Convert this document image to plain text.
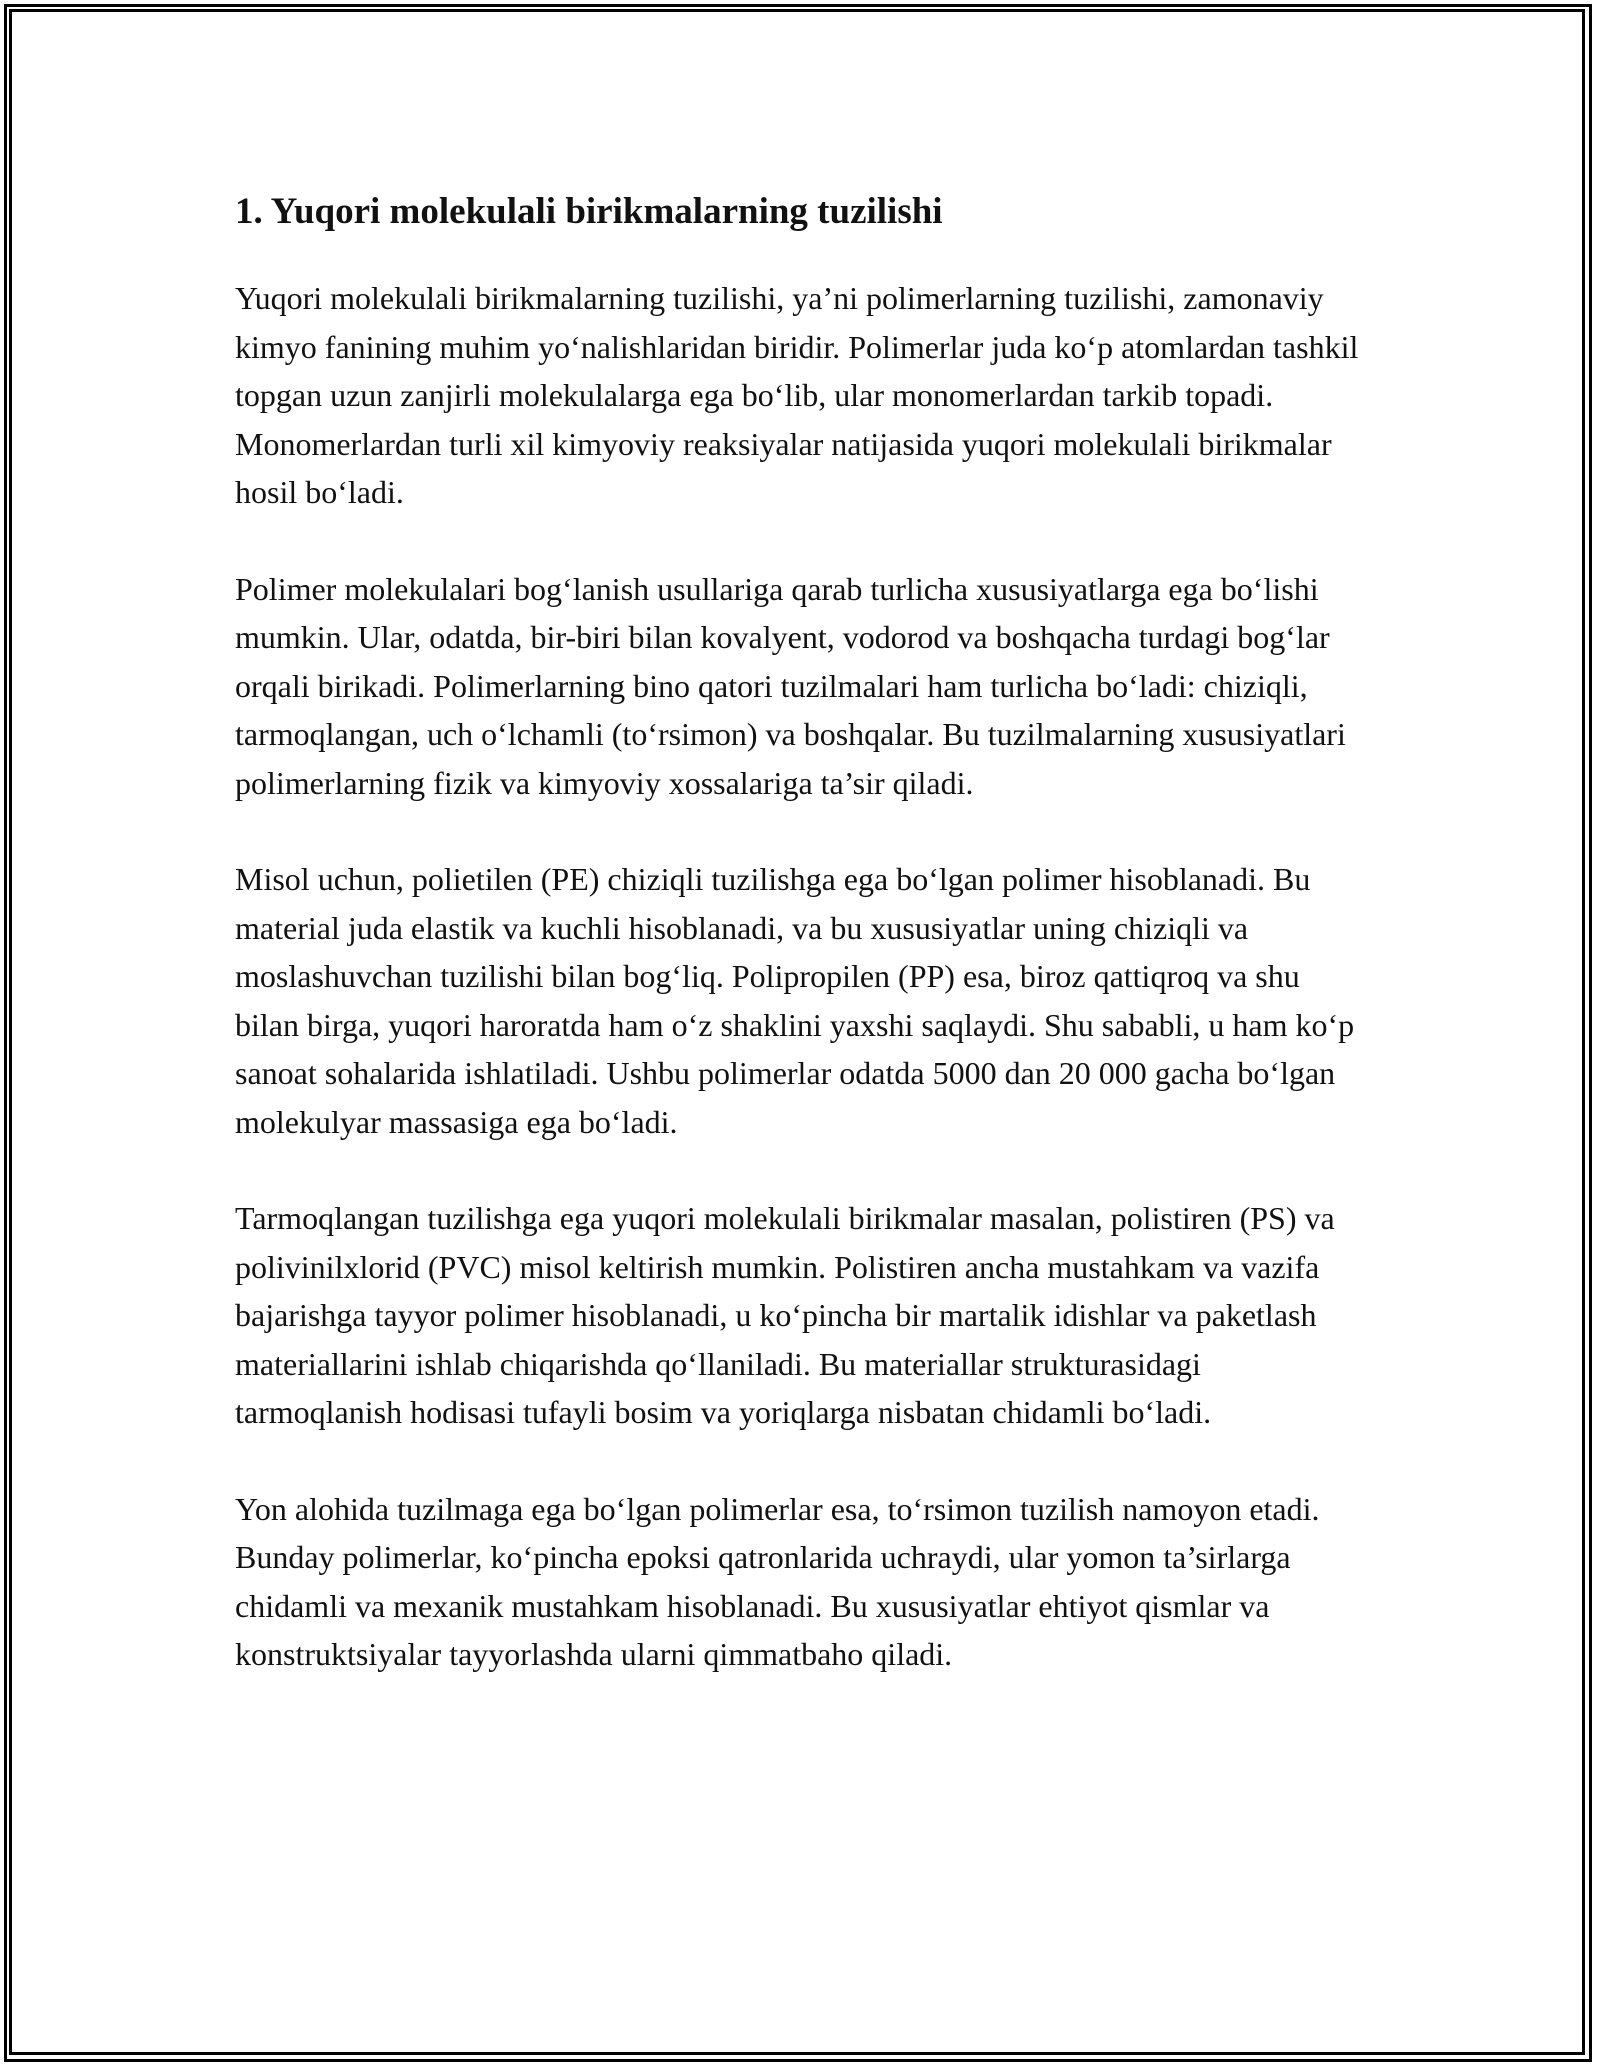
1. Yuqori molekulali birikmalarning tuzilishi

Yuqori molekulali birikmalarning tuzilishi, ya’ni polimerlarning tuzilishi, zamonaviy kimyo fanining muhim yo‘nalishlaridan biridir. Polimerlar juda ko‘p atomlardan tashkil topgan uzun zanjirli molekulalarga ega bo‘lib, ular monomerlardan tarkib topadi. Monomerlardan turli xil kimyoviy reaksiyalar natijasida yuqori molekulali birikmalar hosil bo‘ladi.

Polimer molekulalari bog‘lanish usullariga qarab turlicha xususiyatlarga ega bo‘lishi mumkin. Ular, odatda, bir-biri bilan kovalyent, vodorod va boshqacha turdagi bog‘lar orqali birikadi. Polimerlarning bino qatori tuzilmalari ham turlicha bo‘ladi: chiziqli, tarmoqlangan, uch o‘lchamli (to‘rsimon) va boshqalar. Bu tuzilmalarning xususiyatlari polimerlarning fizik va kimyoviy xossalariga ta’sir qiladi.

Misol uchun, polietilen (PE) chiziqli tuzilishga ega bo‘lgan polimer hisoblanadi. Bu material juda elastik va kuchli hisoblanadi, va bu xususiyatlar uning chiziqli va moslashuvchan tuzilishi bilan bog‘liq. Polipropilen (PP) esa, biroz qattiqroq va shu bilan birga, yuqori haroratda ham o‘z shaklini yaxshi saqlaydi. Shu sababli, u ham ko‘p sanoat sohalarida ishlatiladi. Ushbu polimerlar odatda 5000 dan 20 000 gacha bo‘lgan molekulyar massasiga ega bo‘ladi.

Tarmoqlangan tuzilishga ega yuqori molekulali birikmalar masalan, polistiren (PS) va polivinilxlorid (PVC) misol keltirish mumkin. Polistiren ancha mustahkam va vazifa bajarishga tayyor polimer hisoblanadi, u ko‘pincha bir martalik idishlar va paketlash materiallarini ishlab chiqarishda qo‘llaniladi. Bu materiallar strukturasidagi tarmoqlanish hodisasi tufayli bosim va yoriqlarga nisbatan chidamli bo‘ladi.

Yon alohida tuzilmaga ega bo‘lgan polimerlar esa, to‘rsimon tuzilish namoyon etadi. Bunday polimerlar, ko‘pincha epoksi qatronlarida uchraydi, ular yomon ta’sirlarga chidamli va mexanik mustahkam hisoblanadi. Bu xususiyatlar ehtiyot qismlar va konstruktsiyalar tayyorlashda ularni qimmatbaho qiladi.
